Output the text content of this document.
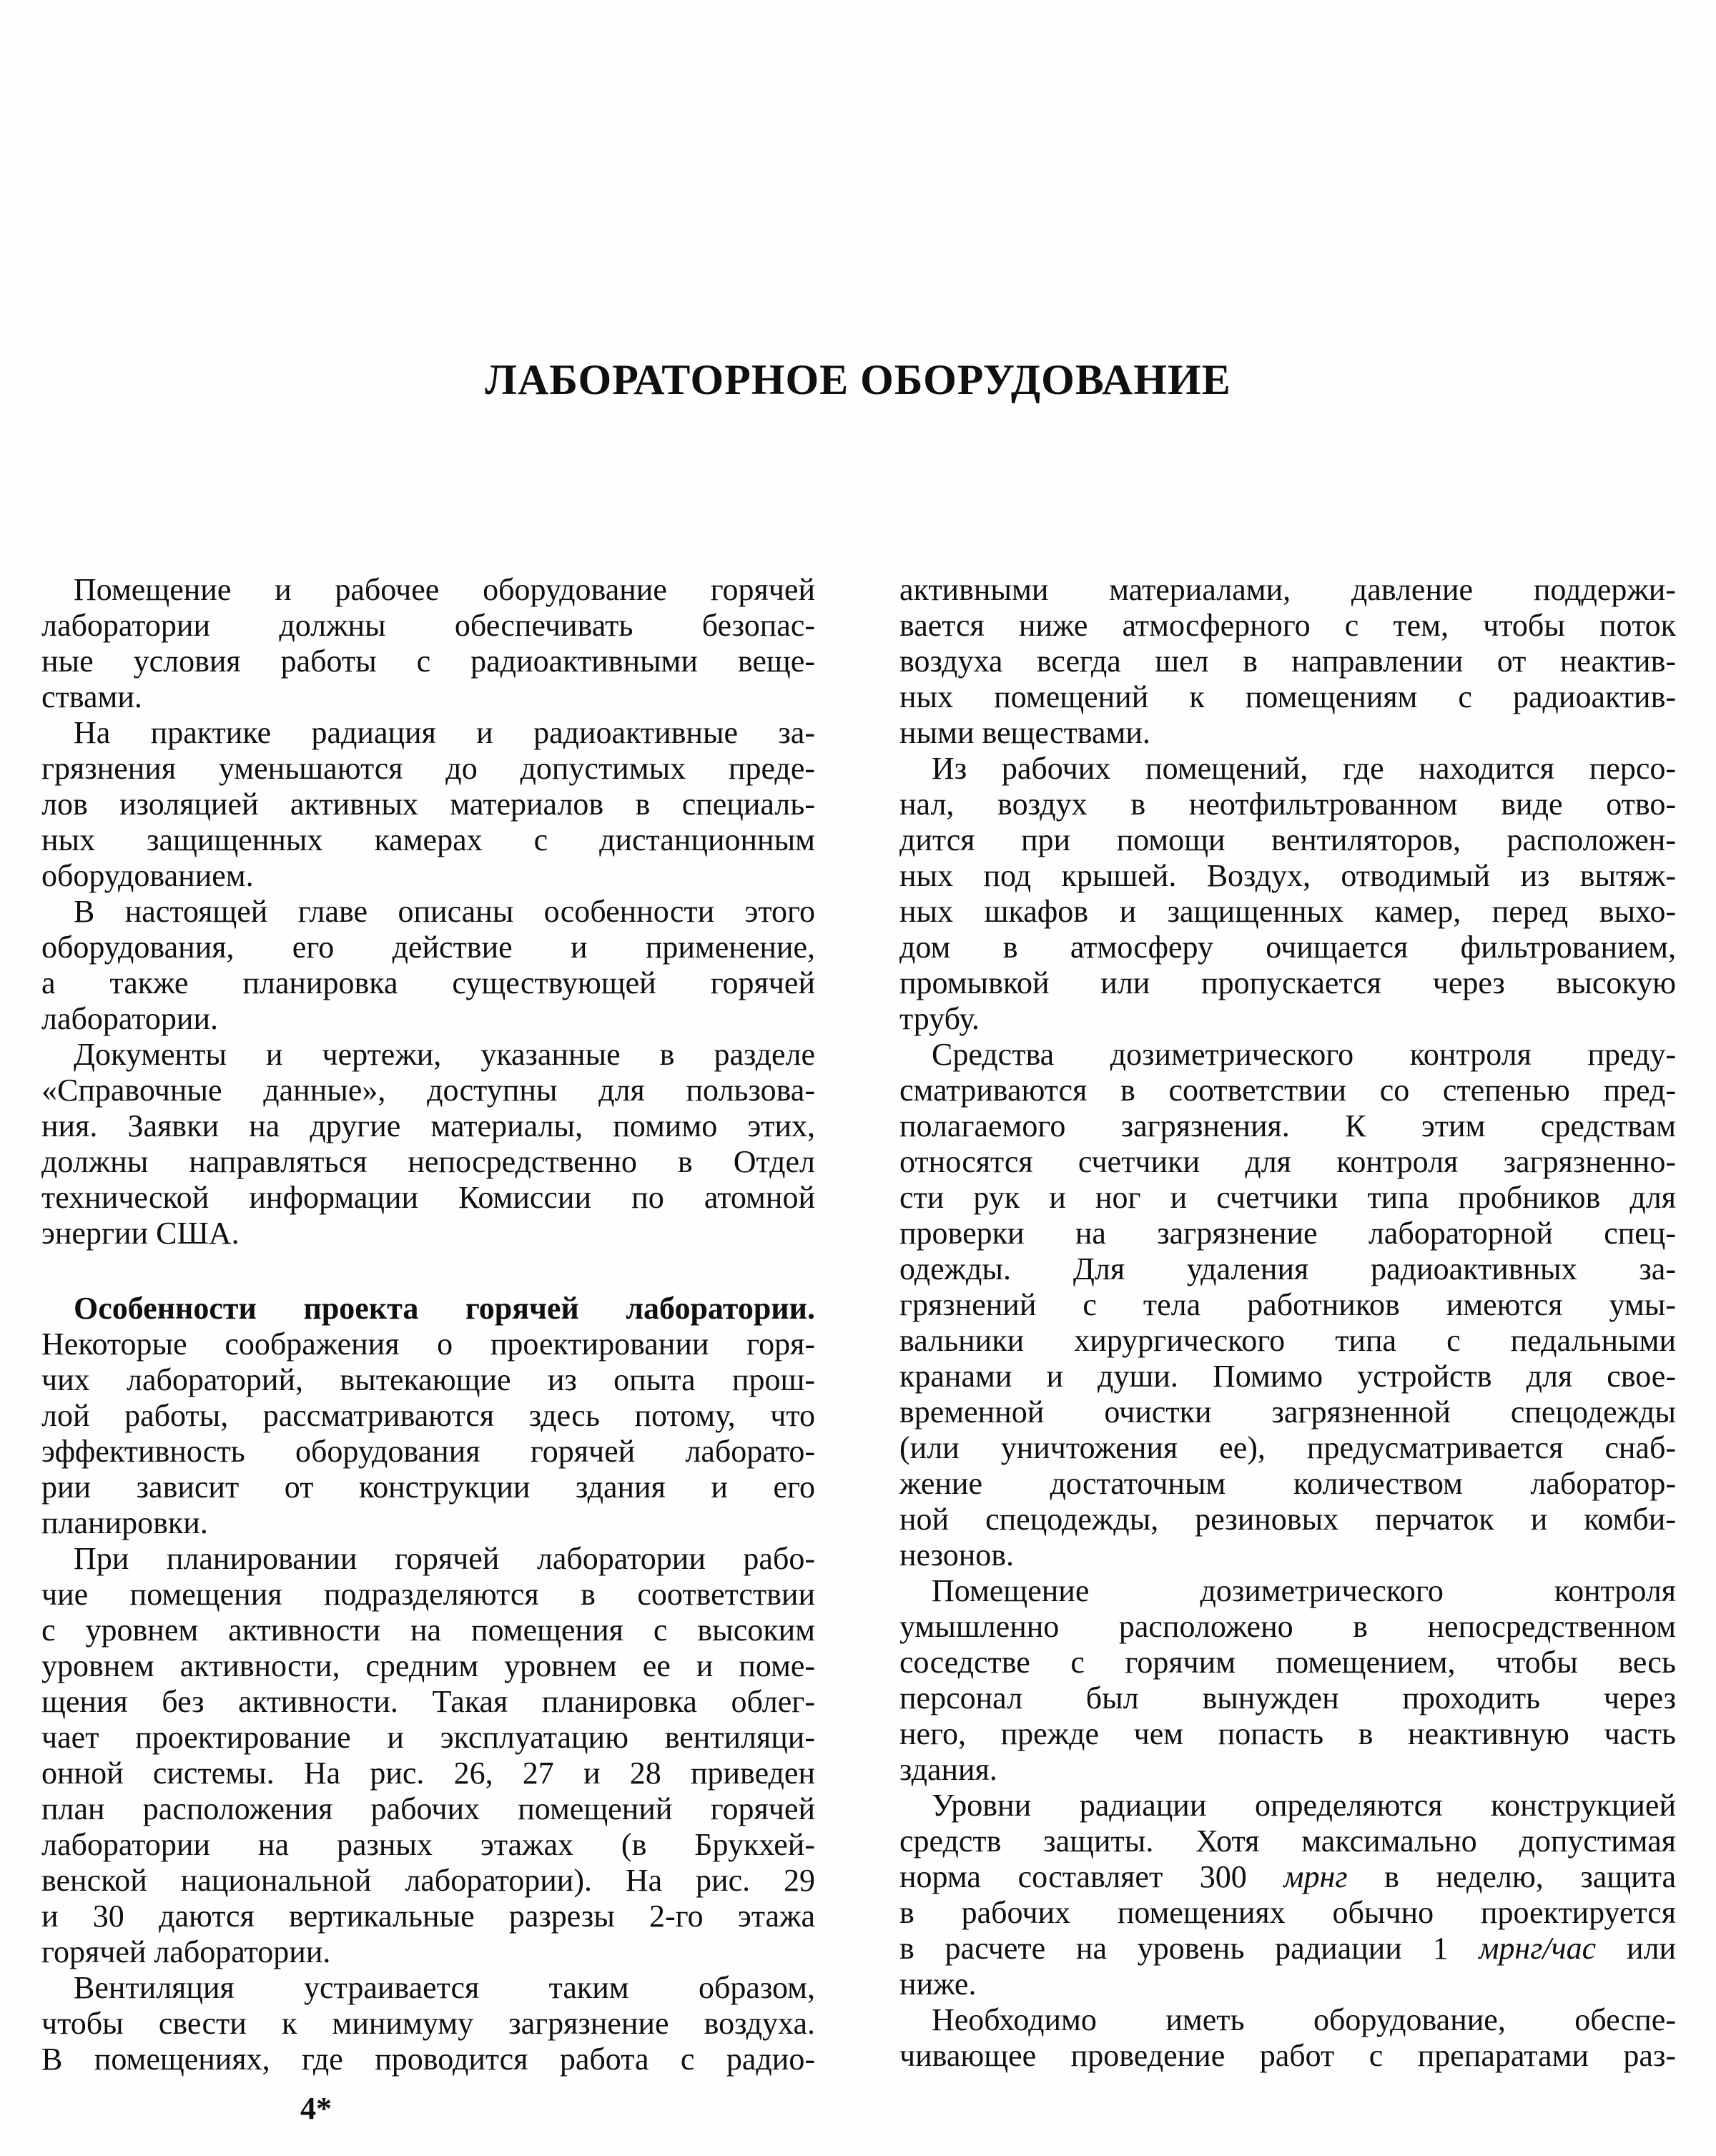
ЛАБОРАТОРНОЕ ОБОРУДОВАНИЕ
Помещение и рабочее оборудование горячей
лаборатории должны обеспечивать безопас-
ные условия работы с радиоактивными веще-
ствами.
На практике радиация и радиоактивные за-
грязнения уменьшаются до допустимых преде-
лов изоляцией активных материалов в специаль-
ных защищенных камерах с дистанционным
оборудованием.
В настоящей главе описаны особенности этого
оборудования, его действие и применение,
а также планировка существующей горячей
лаборатории.
Документы и чертежи, указанные в разделе
«Справочные данные», доступны для пользова-
ния. Заявки на другие материалы, помимо этих,
должны направляться непосредственно в Отдел
технической информации Комиссии по атомной
энергии США.
Особенности проекта горячей лаборатории.
Некоторые соображения о проектировании горя-
чих лабораторий, вытекающие из опыта прош-
лой работы, рассматриваются здесь потому, что
эффективность оборудования горячей лаборато-
рии зависит от конструкции здания и его
планировки.
При планировании горячей лаборатории рабо-
чие помещения подразделяются в соответствии
с уровнем активности на помещения с высоким
уровнем активности, средним уровнем ее и поме-
щения без активности. Такая планировка облег-
чает проектирование и эксплуатацию вентиляци-
онной системы. На рис. 26, 27 и 28 приведен
план расположения рабочих помещений горячей
лаборатории на разных этажах (в Брукхей-
венской национальной лаборатории). На рис. 29
и 30 даются вертикальные разрезы 2-го этажа
горячей лаборатории.
Вентиляция устраивается таким образом,
чтобы свести к минимуму загрязнение воздуха.
В помещениях, где проводится работа с радио-
активными материалами, давление поддержи-
вается ниже атмосферного с тем, чтобы поток
воздуха всегда шел в направлении от неактив-
ных помещений к помещениям с радиоактив-
ными веществами.
Из рабочих помещений, где находится персо-
нал, воздух в неотфильтрованном виде отво-
дится при помощи вентиляторов, расположен-
ных под крышей. Воздух, отводимый из вытяж-
ных шкафов и защищенных камер, перед выхо-
дом в атмосферу очищается фильтрованием,
промывкой или пропускается через высокую
трубу.
Средства дозиметрического контроля преду-
сматриваются в соответствии со степенью пред-
полагаемого загрязнения. К этим средствам
относятся счетчики для контроля загрязненно-
сти рук и ног и счетчики типа пробников для
проверки на загрязнение лабораторной спец-
одежды. Для удаления радиоактивных за-
грязнений с тела работников имеются умы-
вальники хирургического типа с педальными
кранами и души. Помимо устройств для свое-
временной очистки загрязненной спецодежды
(или уничтожения ее), предусматривается снаб-
жение достаточным количеством лаборатор-
ной спецодежды, резиновых перчаток и комби-
незонов.
Помещение дозиметрического контроля
умышленно расположено в непосредственном
соседстве с горячим помещением, чтобы весь
персонал был вынужден проходить через
него, прежде чем попасть в неактивную часть
здания.
Уровни радиации определяются конструкцией
средств защиты. Хотя максимально допустимая
норма составляет 300 мрнг в неделю, защита
в рабочих помещениях обычно проектируется
в расчете на уровень радиации 1 мрнг/час или
ниже.
Необходимо иметь оборудование, обеспе-
чивающее проведение работ с препаратами раз-
4*
